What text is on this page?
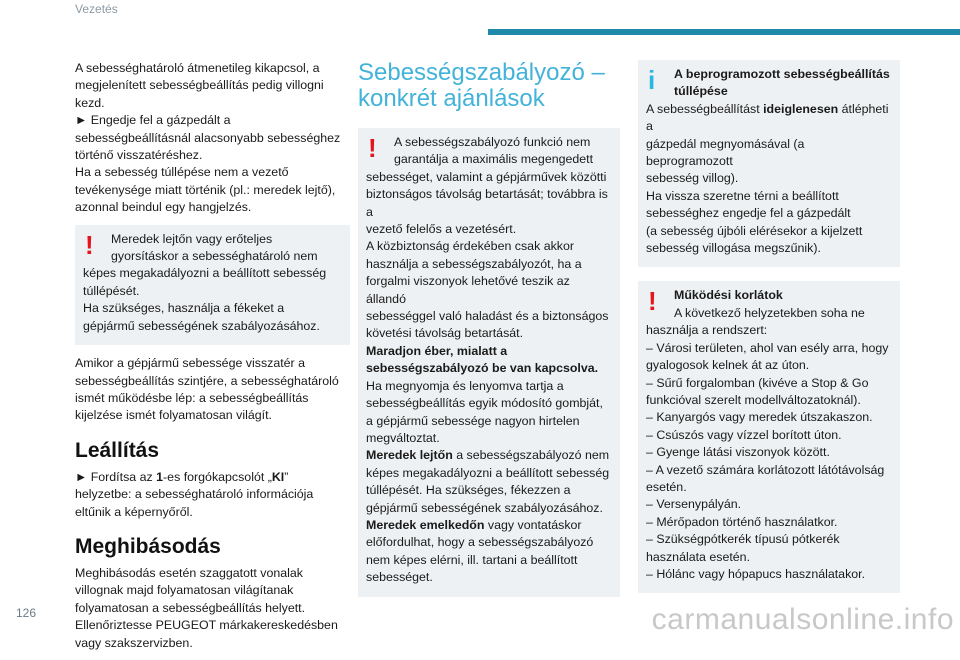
Vezetés

A sebességhatároló átmenetileg kikapcsol, a
megjelenített sebességbeállítás pedig villogni
kezd.
► Engedje fel a gázpedált a
sebességbeállításnál alacsonyabb sebességhez
történő visszatéréshez.
Ha a sebesség túllépése nem a vezető
tevékenysége miatt történik (pl.: meredek lejtő),
azonnal beindul egy hangjelzés.

!	Meredek lejtőn vagy erőteljes
gyorsításkor a sebességhatároló nem
képes megakadályozni a beállított sebesség
túllépését.
Ha szükséges, használja a fékeket a
gépjármű sebességének szabályozásához.

Amikor a gépjármű sebessége visszatér a
sebességbeállítás szintjére, a sebességhatároló
ismét működésbe lép: a sebességbeállítás
kijelzése ismét folyamatosan világít.

Leállítás

► Fordítsa az 1-es forgókapcsolót „KI”
helyzetbe: a sebességhatároló információja
eltűnik a képernyőről.

Meghibásodás

Meghibásodás esetén szaggatott vonalak
villognak majd folyamatosan világítanak
folyamatosan a sebességbeállítás helyett.
Ellenőriztesse PEUGEOT márkakereskedésben
vagy szakszervizben.

Sebességszabályozó –
konkrét ajánlások
!	A sebességszabályozó funkció nem
garantálja a maximális megengedett
sebességet, valamint a gépjárművek közötti
biztonságos távolság betartását; továbbra is a
vezető felelős a vezetésért.
A közbiztonság érdekében csak akkor
használja a sebességszabályozót, ha a
forgalmi viszonyok lehetővé teszik az állandó
sebességgel való haladást és a biztonságos
követési távolság betartását.
Maradjon éber, mialatt a
sebességszabályozó be van kapcsolva.
Ha megnyomja és lenyomva tartja a
sebességbeállítás egyik módosító gombját,
a gépjármű sebessége nagyon hirtelen
megváltoztat.
Meredek lejtőn a sebességszabályozó nem
képes megakadályozni a beállított sebesség
túllépését. Ha szükséges, fékezzen a
gépjármű sebességének szabályozásához.
Meredek emelkedőn vagy vontatáskor
előfordulhat, hogy a sebességszabályozó
nem képes elérni, ill. tartani a beállított
sebességet.
i	A beprogramozott sebességbeállítás
túllépése
A sebességbeállítást ideiglenesen átlépheti a
gázpedál megnyomásával (a beprogramozott
sebesség villog).
Ha vissza szeretne térni a beállított
sebességhez engedje fel a gázpedált
(a sebesség újbóli elérésekor a kijelzett
sebesség villogása megszűnik).
!	Működési korlátok
A következő helyzetekben soha ne
használja a rendszert:
– Városi területen, ahol van esély arra, hogy
gyalogosok kelnek át az úton.
– Sűrű forgalomban (kivéve a Stop & Go
funkcióval szerelt modellváltozatoknál).
– Kanyargós vagy meredek útszakaszon.
– Csúszós vagy vízzel borított úton.
– Gyenge látási viszonyok között.
– A vezető számára korlátozott látótávolság
esetén.
– Versenypályán.
– Mérőpadon történő használatkor.
– Szükségpótkerék típusú pótkerék
használata esetén.
– Hólánc vagy hópapucs használatakor.
126	carmanualsonline.info
